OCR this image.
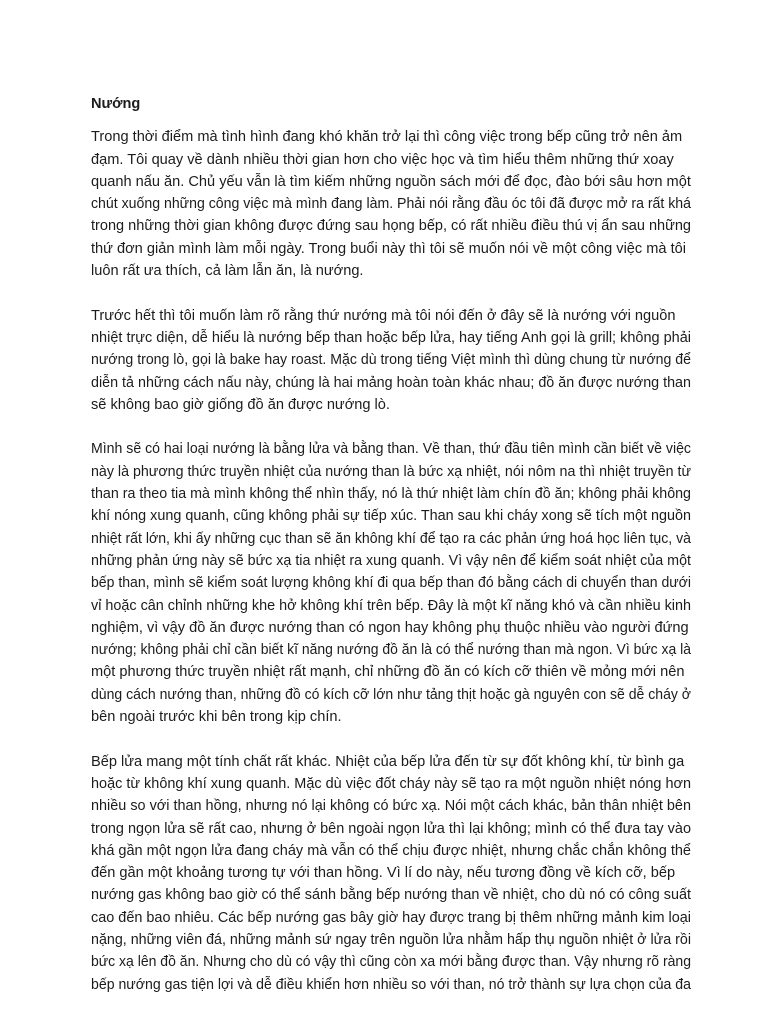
Nướng
Trong thời điểm mà tình hình đang khó khăn trở lại thì công việc trong bếp cũng trở nên ảm
đạm. Tôi quay về dành nhiều thời gian hơn cho việc học và tìm hiểu thêm những thứ xoay
quanh nấu ăn. Chủ yếu vẫn là tìm kiếm những nguồn sách mới để đọc, đào bới sâu hơn một
chút xuống những công việc mà mình đang làm. Phải nói rằng đầu óc tôi đã được mở ra rất khá
trong những thời gian không được đứng sau họng bếp, có rất nhiều điều thú vị ẩn sau những
thứ đơn giản mình làm mỗi ngày. Trong buổi này thì tôi sẽ muốn nói về một công việc mà tôi
luôn rất ưa thích, cả làm lẫn ăn, là nướng.
Trước hết thì tôi muốn làm rõ rằng thứ nướng mà tôi nói đến ở đây sẽ là nướng với nguồn
nhiệt trực diện, dễ hiểu là nướng bếp than hoặc bếp lửa, hay tiếng Anh gọi là grill; không phải
nướng trong lò, gọi là bake hay roast. Mặc dù trong tiếng Việt mình thì dùng chung từ nướng để
diễn tả những cách nấu này, chúng là hai mảng hoàn toàn khác nhau; đồ ăn được nướng than
sẽ không bao giờ giống đồ ăn được nướng lò.
Mình sẽ có hai loại nướng là bằng lửa và bằng than. Về than, thứ đầu tiên mình cần biết về việc
này là phương thức truyền nhiệt của nướng than là bức xạ nhiệt, nói nôm na thì nhiệt truyền từ
than ra theo tia mà mình không thể nhìn thấy, nó là thứ nhiệt làm chín đồ ăn; không phải không
khí nóng xung quanh, cũng không phải sự tiếp xúc. Than sau khi cháy xong sẽ tích một nguồn
nhiệt rất lớn, khi ấy những cục than sẽ ăn không khí để tạo ra các phản ứng hoá học liên tục, và
những phản ứng này sẽ bức xạ tia nhiệt ra xung quanh. Vì vậy nên để kiểm soát nhiệt của một
bếp than, mình sẽ kiểm soát lượng không khí đi qua bếp than đó bằng cách di chuyển than dưới
vỉ hoặc cân chỉnh những khe hở không khí trên bếp. Đây là một kĩ năng khó và cần nhiều kinh
nghiệm, vì vậy đồ ăn được nướng than có ngon hay không phụ thuộc nhiều vào người đứng
nướng; không phải chỉ cần biết kĩ năng nướng đồ ăn là có thể nướng than mà ngon. Vì bức xạ là
một phương thức truyền nhiệt rất mạnh, chỉ những đồ ăn có kích cỡ thiên về mỏng mới nên
dùng cách nướng than, những đồ có kích cỡ lớn như tảng thịt hoặc gà nguyên con sẽ dễ cháy ở
bên ngoài trước khi bên trong kịp chín.
Bếp lửa mang một tính chất rất khác. Nhiệt của bếp lửa đến từ sự đốt không khí, từ bình ga
hoặc từ không khí xung quanh. Mặc dù việc đốt cháy này sẽ tạo ra một nguồn nhiệt nóng hơn
nhiều so với than hồng, nhưng nó lại không có bức xạ. Nói một cách khác, bản thân nhiệt bên
trong ngọn lửa sẽ rất cao, nhưng ở bên ngoài ngọn lửa thì lại không; mình có thể đưa tay vào
khá gần một ngọn lửa đang cháy mà vẫn có thể chịu được nhiệt, nhưng chắc chắn không thể
đến gần một khoảng tương tự với than hồng. Vì lí do này, nếu tương đồng về kích cỡ, bếp
nướng gas không bao giờ có thể sánh bằng bếp nướng than về nhiệt, cho dù nó có công suất
cao đến bao nhiêu. Các bếp nướng gas bây giờ hay được trang bị thêm những mảnh kim loại
nặng, những viên đá, những mảnh sứ ngay trên nguồn lửa nhằm hấp thụ nguồn nhiệt ở lửa rồi
bức xạ lên đồ ăn. Nhưng cho dù có vậy thì cũng còn xa mới bằng được than. Vậy nhưng rõ ràng
bếp nướng gas tiện lợi và dễ điều khiển hơn nhiều so với than, nó trở thành sự lựa chọn của đa
